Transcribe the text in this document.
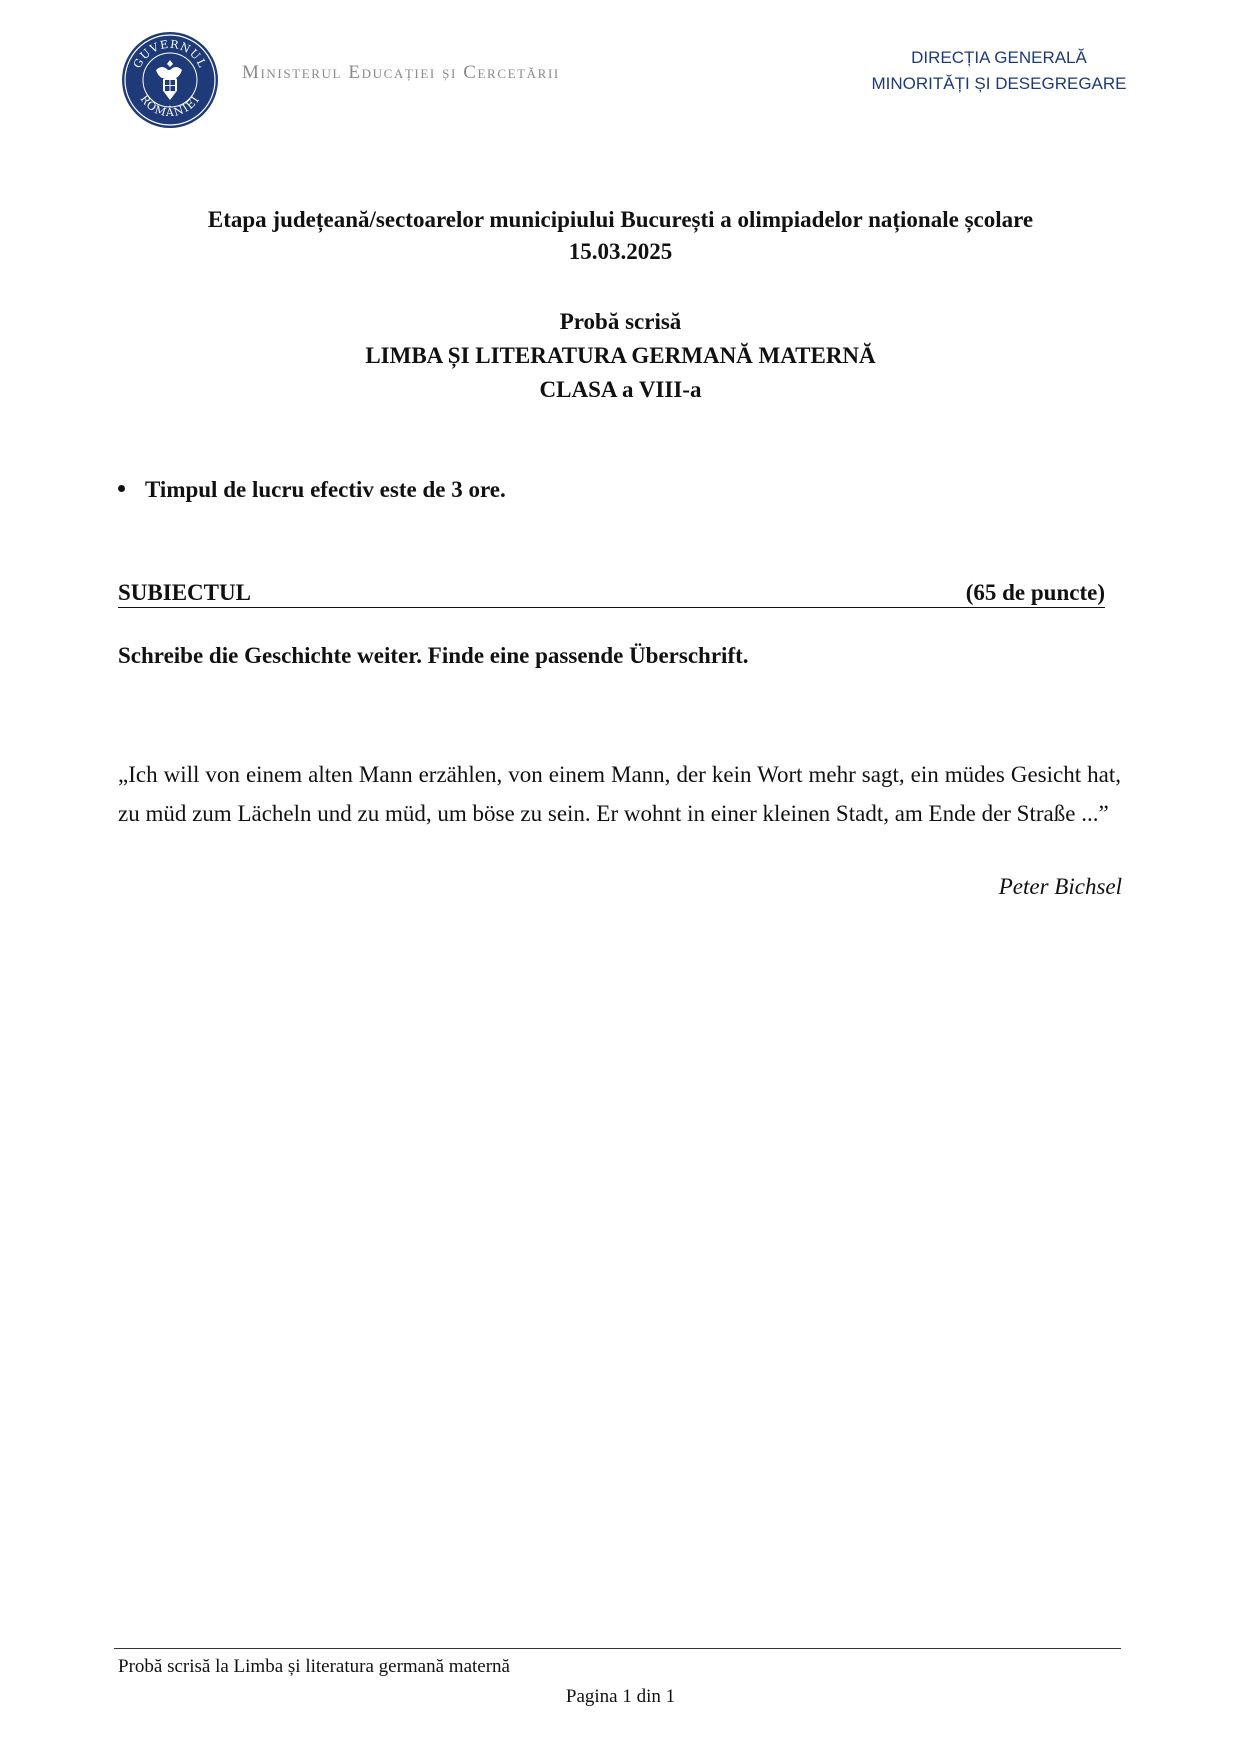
GUVERNUL
ROMÂNIEI
Ministerul Educației și Cercetării
DIRECȚIA GENERALĂ
MINORITĂȚI ȘI DESEGREGARE
Etapa județeană/sectoarelor municipiului București a olimpiadelor naționale școlare
15.03.2025
Probă scrisă
LIMBA ȘI LITERATURA GERMANĂ MATERNĂ
CLASA a VIII-a
Timpul de lucru efectiv este de 3 ore.
SUBIECTUL	(65 de puncte)
Schreibe die Geschichte weiter. Finde eine passende Überschrift.
„Ich will von einem alten Mann erzählen, von einem Mann, der kein Wort mehr sagt, ein müdes Gesicht hat, zu müd zum Lächeln und zu müd, um böse zu sein. Er wohnt in einer kleinen Stadt, am Ende der Straße ...”
Peter Bichsel
Probă scrisă la Limba și literatura germană maternă
Pagina 1 din 1
